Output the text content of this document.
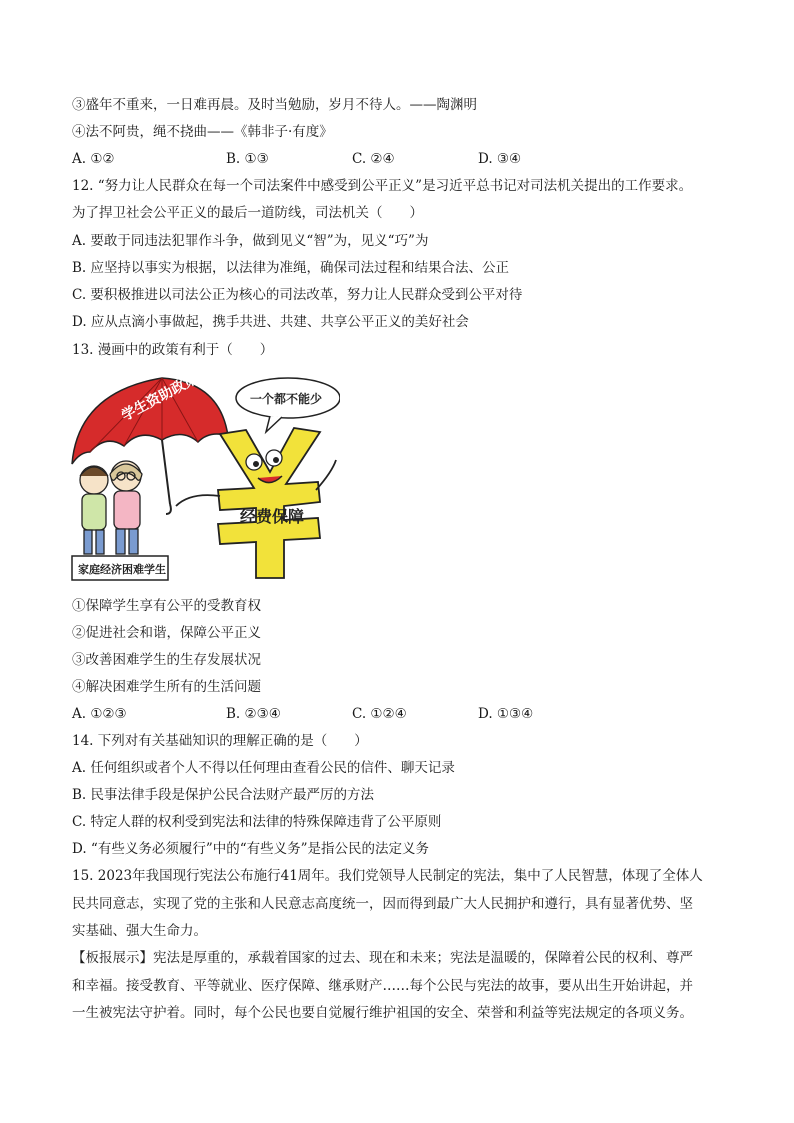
③盛年不重来，一日难再晨。及时当勉励，岁月不待人。——陶渊明
④法不阿贵，绳不挠曲——《韩非子·有度》
A. ①②	B. ①③	C. ②④	D. ③④
12. “努力让人民群众在每一个司法案件中感受到公平正义”是习近平总书记对司法机关提出的工作要求。
为了捍卫社会公平正义的最后一道防线，司法机关（　　）
A. 要敢于同违法犯罪作斗争，做到见义“智”为，见义“巧”为
B. 应坚持以事实为根据，以法律为准绳，确保司法过程和结果合法、公正
C. 要积极推进以司法公正为核心的司法改革，努力让人民群众受到公平对待
D. 应从点滴小事做起，携手共进、共建、共享公平正义的美好社会
13. 漫画中的政策有利于（　　）
学生资助政策
家庭经济困难学生
经费保障
一个都不能少
①保障学生享有公平的受教育权
②促进社会和谐，保障公平正义
③改善困难学生的生存发展状况
④解决困难学生所有的生活问题
A. ①②③	B. ②③④	C. ①②④	D. ①③④
14. 下列对有关基础知识的理解正确的是（　　）
A. 任何组织或者个人不得以任何理由查看公民的信件、聊天记录
B. 民事法律手段是保护公民合法财产最严厉的方法
C. 特定人群的权利受到宪法和法律的特殊保障违背了公平原则
D. “有些义务必须履行”中的“有些义务”是指公民的法定义务
15. 2023年我国现行宪法公布施行41周年。我们党领导人民制定的宪法，集中了人民智慧，体现了全体人
民共同意志，实现了党的主张和人民意志高度统一，因而得到最广大人民拥护和遵行，具有显著优势、坚
实基础、强大生命力。
【板报展示】宪法是厚重的，承载着国家的过去、现在和未来；宪法是温暖的，保障着公民的权利、尊严
和幸福。接受教育、平等就业、医疗保障、继承财产……每个公民与宪法的故事，要从出生开始讲起，并
一生被宪法守护着。同时，每个公民也要自觉履行维护祖国的安全、荣誉和利益等宪法规定的各项义务。
